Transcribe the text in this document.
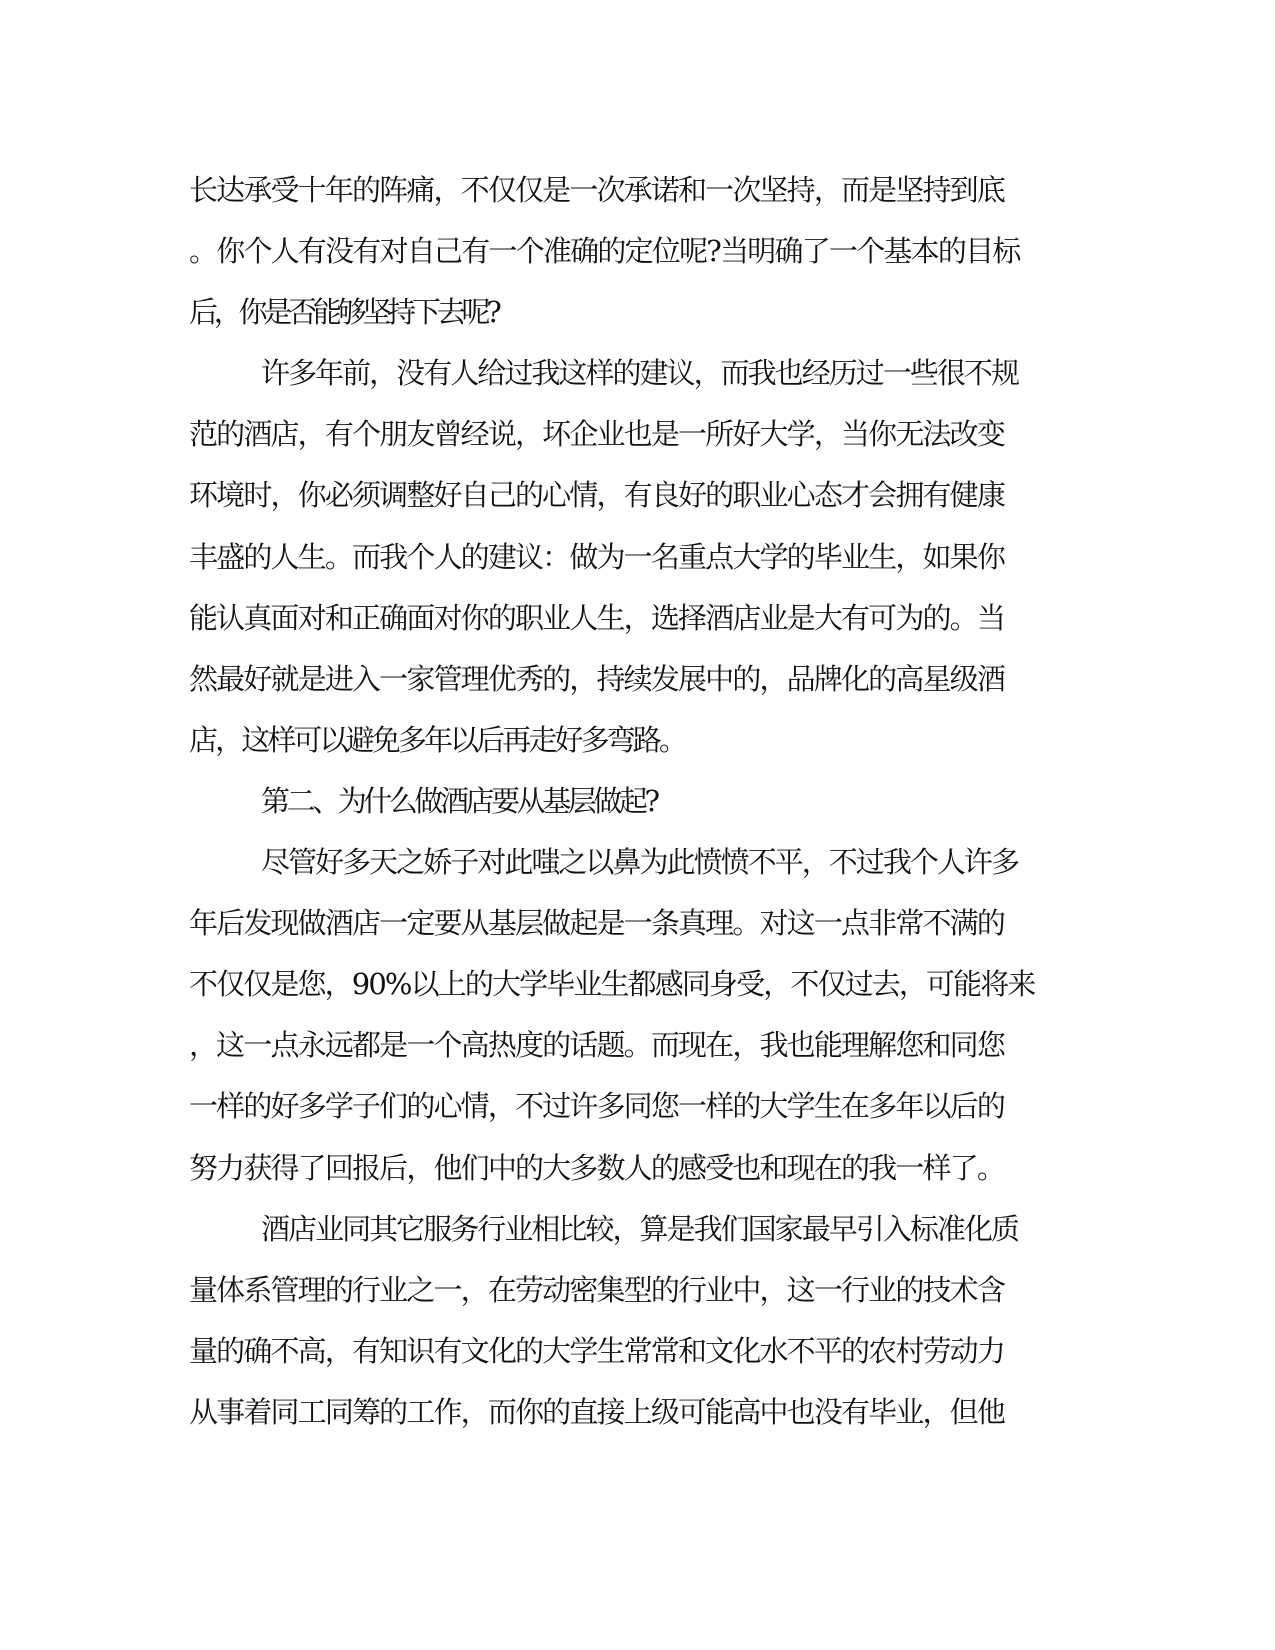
长达承受十年的阵痛，不仅仅是一次承诺和一次坚持，而是坚持到底
。你个人有没有对自己有一个准确的定位呢?当明确了一个基本的目标
后，你是否能够坚持下去呢?
许多年前，没有人给过我这样的建议，而我也经历过一些很不规
范的酒店，有个朋友曾经说，坏企业也是一所好大学，当你无法改变
环境时，你必须调整好自己的心情，有良好的职业心态才会拥有健康
丰盛的人生。而我个人的建议：做为一名重点大学的毕业生，如果你
能认真面对和正确面对你的职业人生，选择酒店业是大有可为的。当
然最好就是进入一家管理优秀的，持续发展中的，品牌化的高星级酒
店，这样可以避免多年以后再走好多弯路。
第二、为什么做酒店要从基层做起?
尽管好多天之娇子对此嗤之以鼻为此愤愤不平，不过我个人许多
年后发现做酒店一定要从基层做起是一条真理。对这一点非常不满的
不仅仅是您，90%以上的大学毕业生都感同身受，不仅过去，可能将来
，这一点永远都是一个高热度的话题。而现在，我也能理解您和同您
一样的好多学子们的心情，不过许多同您一样的大学生在多年以后的
努力获得了回报后，他们中的大多数人的感受也和现在的我一样了。
酒店业同其它服务行业相比较，算是我们国家最早引入标准化质
量体系管理的行业之一，在劳动密集型的行业中，这一行业的技术含
量的确不高，有知识有文化的大学生常常和文化水不平的农村劳动力
从事着同工同筹的工作，而你的直接上级可能高中也没有毕业，但他
